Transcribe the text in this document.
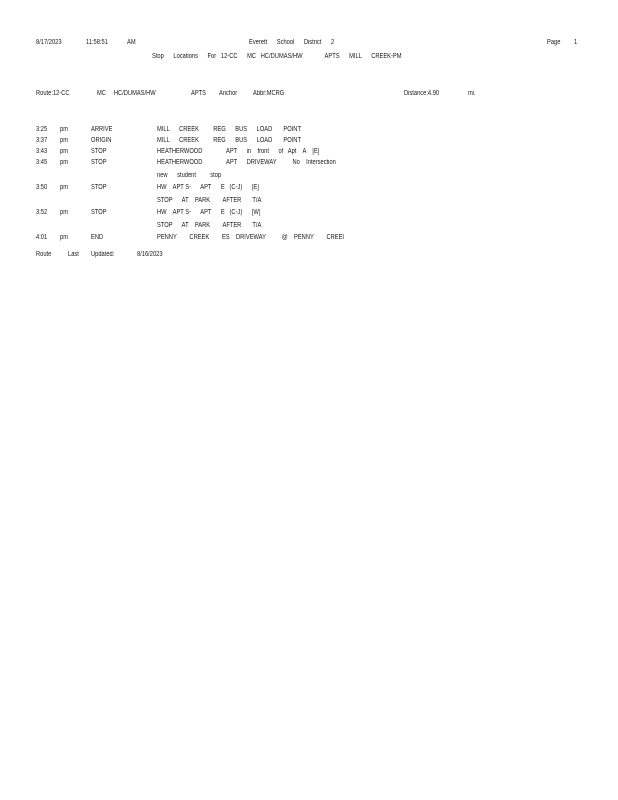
8/17/2023	11:58:51	AM	Everett      School      District      2	Page 1
Stop      Locations      For   12-CC      MC   HC/DUMAS/HW              APTS      MILL      CREEK-PM
Route:12-CC	MC     HC/DUMAS/HW	APTS Anchor Abbr:MCRG	Distance:4.90	mi.
3:25 pm	ARRIVE	MILL      CREEK         REG      BUS      LOAD       POINT
3:37 pm	ORIGIN	MILL      CREEK         REG      BUS      LOAD       POINT
3:43 pm	STOP	HEATHERWOOD               APT      in    front      of   Apt    A    [E]
3:45 pm	STOP	HEATHERWOOD               APT      DRIVEWAY          No    Intersection
new      student         stop
3:50 pm	STOP	HW    APT S-      APT      E   (C-J)      [E]
STOP      AT    PARK        AFTER       T/A
3:52 pm	STOP	HW    APT S-      APT      E   (C-J)      [W]
STOP      AT    PARK        AFTER       T/A
4:01 pm	END	PENNY        CREEK        ES    DRIVEWAY          @    PENNY        CREEI
Route Last Updated:	8/16/2023
